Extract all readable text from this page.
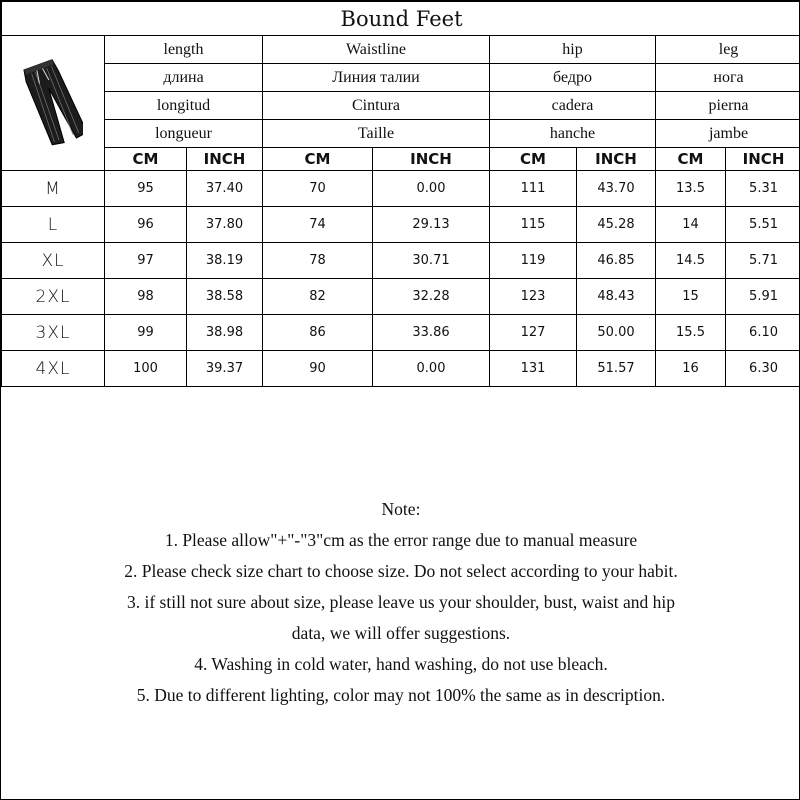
Bound Feet								

	length		Waistline		hip		leg	
	длина		Линия талии		бедро		нога	
	longitud		Cintura		cadera		pierna	
	longueur		Taille		hanche		jambe	
	CM	INCH	CM	INCH	CM	INCH	CM	INCH
M	95	37.40	70	0.00	111	43.70	13.5	5.31
L	96	37.80	74	29.13	115	45.28	14	5.51
XL	97	38.19	78	30.71	119	46.85	14.5	5.71
2XL	98	38.58	82	32.28	123	48.43	15	5.91
3XL	99	38.98	86	33.86	127	50.00	15.5	6.10
4XL	100	39.37	90	0.00	131	51.57	16	6.30
Note:
1. Please allow"+"-"3"cm as the error range due to manual measure
2. Please check size chart to choose size. Do not select according to your habit.
3. if still not sure about size, please leave us your shoulder, bust, waist and hip
data, we will offer suggestions.
4. Washing in cold water, hand washing, do not use bleach.
5. Due to different lighting, color may not 100% the same as in description.
